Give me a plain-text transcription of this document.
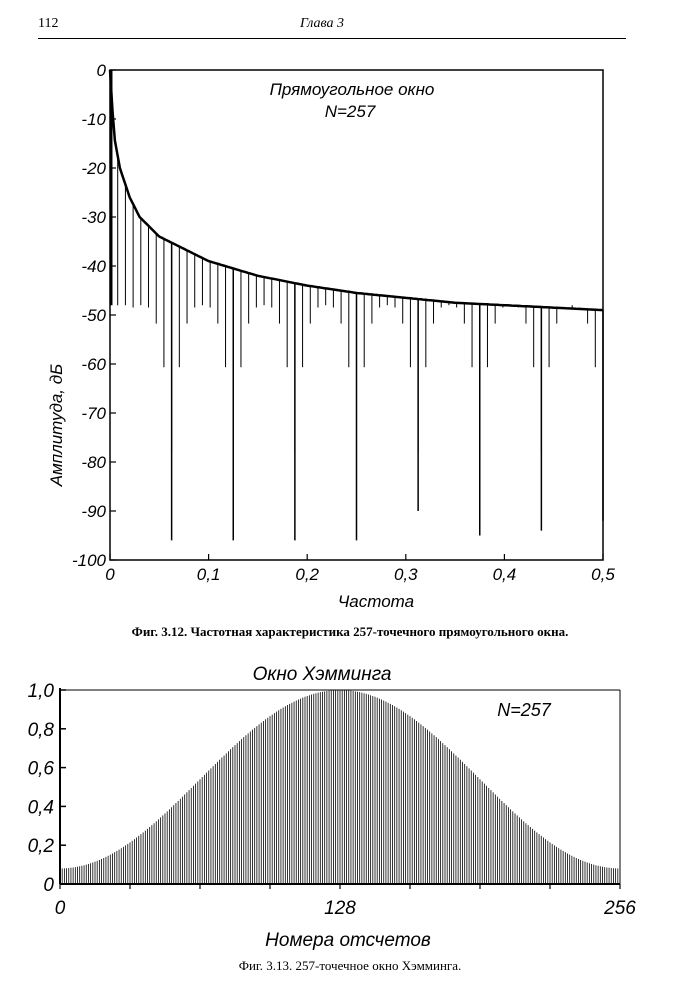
112	Глава 3
0
-10
-20
-30
-40
-50
-60
-70
-80
-90
-100
0	0,1	0,2	0,3	0,4	0,5
Прямоугольное окно
N=257
Частота
Амплитуда, дБ
Фиг. 3.12. Частотная характеристика 257-точечного прямоугольного окна.
Окно Хэмминга
0
0,2
0,4
0,6
0,8
1,0
0	128	256
N=257
Номера отсчетов
Фиг. 3.13. 257-точечное окно Хэмминга.
